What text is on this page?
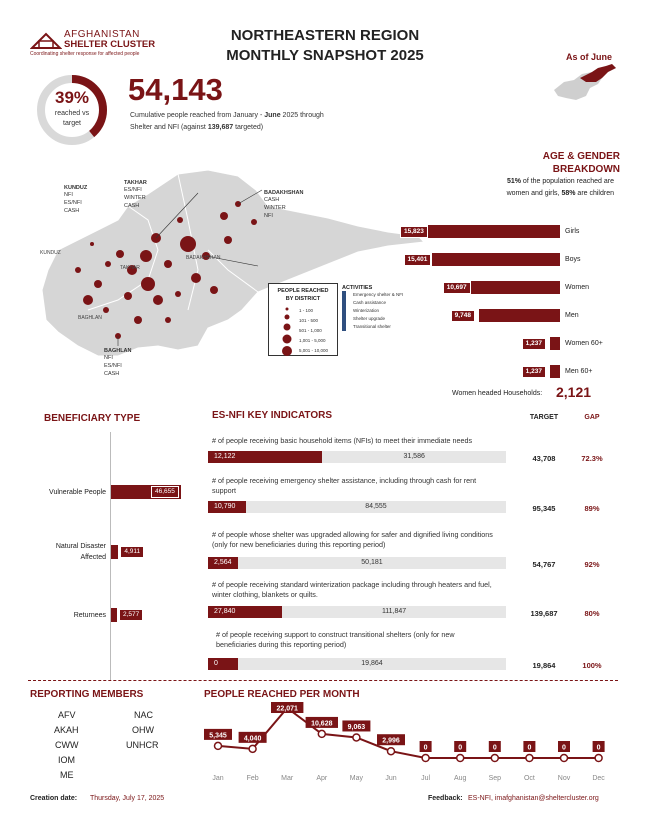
AFGHANISTAN
SHELTER CLUSTER
Coordinating shelter response for affected people
NORTHEASTERN REGION
MONTHLY SNAPSHOT 2025	As of June
39%
reached vs target
54,143
Cumulative people reached from January - June 2025 through Shelter and NFI (against 139,687 targeted)
KUNDUZ
NFI
ES/NFI
CASH
TAKHAR
ES/NFI
WINTER
CASH
BADAKHSHAN
CASH
WINTER
NFI
BAGHLAN
NFI
ES/NFI
CASH
KUNDUZ
TAKHAR
BADAKHSHAN
BAGHLAN
PEOPLE REACHED BY DISTRICT
1 - 100
101 - 500
501 - 1,000
1,001 - 5,000
5,001 - 10,000
ACTIVITIES
Emergency shelter & NFI
Cash assistance
Winterization
Shelter upgrade
Transitional shelter
AGE & GENDER
BREAKDOWN
51% of the population reached are women and girls, 58% are children
15,823	Girls
15,401	Boys
10,697	Women
9,748	Men
1,237	Women 60+
1,237	Men 60+
Women headed Households: 2,121
BENEFICIARY TYPE
46,655
Vulnerable People
4,911
Natural Disaster Affected
2,577
Returnees
ES-NFI KEY INDICATORS	TARGET	GAP
# of people receiving basic household items (NFIs) to meet their immediate needs
12,122	31,586	43,708	72.3%
# of people receiving emergency shelter assistance, including through cash for rent support
10,790	84,555	95,345	89%
# of people whose shelter was upgraded allowing for safer and dignified living conditions (only for new beneficiaries during this reporting period)
2,564	50,181	54,767	92%
# of people receiving standard winterization package including through heaters and fuel, winter clothing, blankets or quilts.
27,840	111,847	139,687	80%
# of people receiving support to construct transitional shelters (only for new beneficiaries during this reporting period)
0	19,864	19,864	100%
REPORTING MEMBERS
AFV
AKAH
CWW
IOM
ME
NAC
OHW
UNHCR
PEOPLE REACHED PER MONTH
Jan
5,345
Feb
4,040
Mar
22,071
Apr
10,628
May
9,063
Jun
2,996
Jul
0
Aug
0
Sep
0
Oct
0
Nov
0
Dec
0
Creation date: Thursday, July 17, 2025	Feedback: ES-NFI, imafghanistan@sheltercluster.org
